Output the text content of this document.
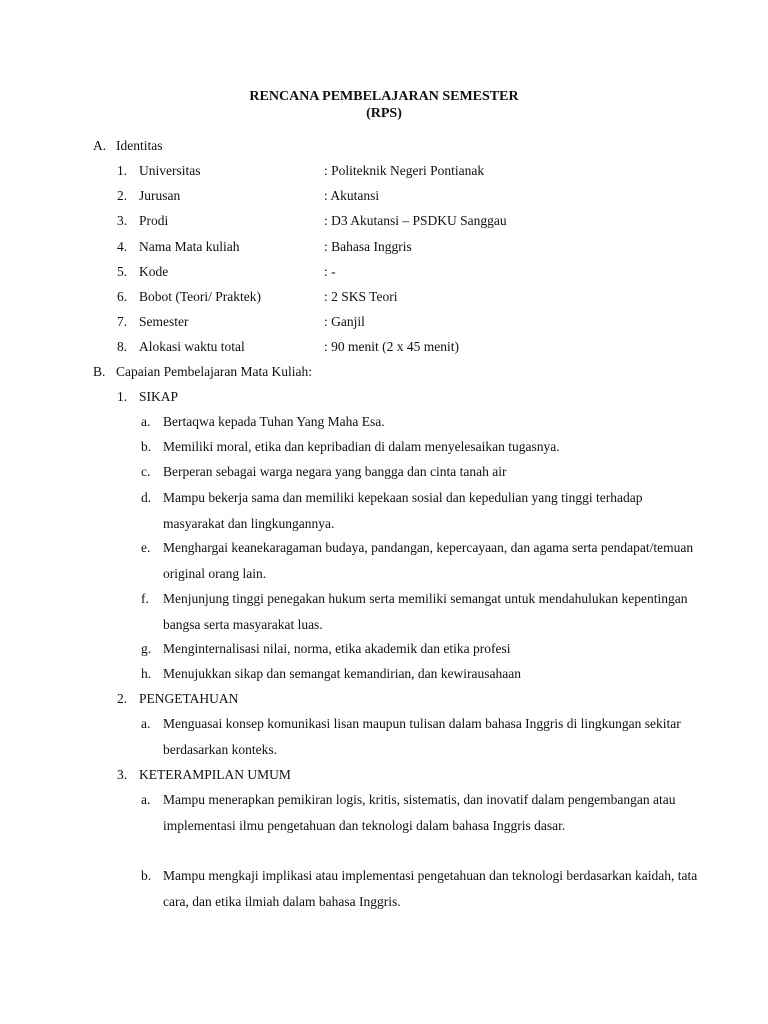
RENCANA PEMBELAJARAN SEMESTER
(RPS)
A. Identitas
1. Universitas	: Politeknik Negeri Pontianak
2. Jurusan	: Akutansi
3. Prodi	: D3 Akutansi – PSDKU Sanggau
4. Nama Mata kuliah	: Bahasa Inggris
5. Kode	: -
6. Bobot (Teori/ Praktek)	: 2 SKS Teori
7. Semester	: Ganjil
8. Alokasi waktu total	: 90 menit (2 x 45 menit)
B. Capaian Pembelajaran Mata Kuliah:
1. SIKAP
a. Bertaqwa kepada Tuhan Yang Maha Esa.
b. Memiliki moral, etika dan kepribadian di dalam menyelesaikan tugasnya.
c. Berperan sebagai warga negara yang bangga dan cinta tanah air
d. Mampu bekerja sama dan memiliki kepekaan sosial dan kepedulian yang tinggi terhadap masyarakat dan lingkungannya.
e. Menghargai keanekaragaman budaya, pandangan, kepercayaan, dan agama serta pendapat/temuan original orang lain.
f. Menjunjung tinggi penegakan hukum serta memiliki semangat untuk mendahulukan kepentingan bangsa serta masyarakat luas.
g. Menginternalisasi nilai, norma, etika akademik dan etika profesi
h. Menujukkan sikap dan semangat kemandirian, dan kewirausahaan
2. PENGETAHUAN
a. Menguasai konsep komunikasi lisan maupun tulisan dalam bahasa Inggris di lingkungan sekitar berdasarkan konteks.
3. KETERAMPILAN UMUM
a. Mampu menerapkan pemikiran logis, kritis, sistematis, dan inovatif dalam pengembangan atau implementasi ilmu pengetahuan dan teknologi dalam bahasa Inggris dasar.
b. Mampu mengkaji implikasi atau implementasi pengetahuan dan teknologi berdasarkan kaidah, tata cara, dan etika ilmiah dalam bahasa Inggris.
